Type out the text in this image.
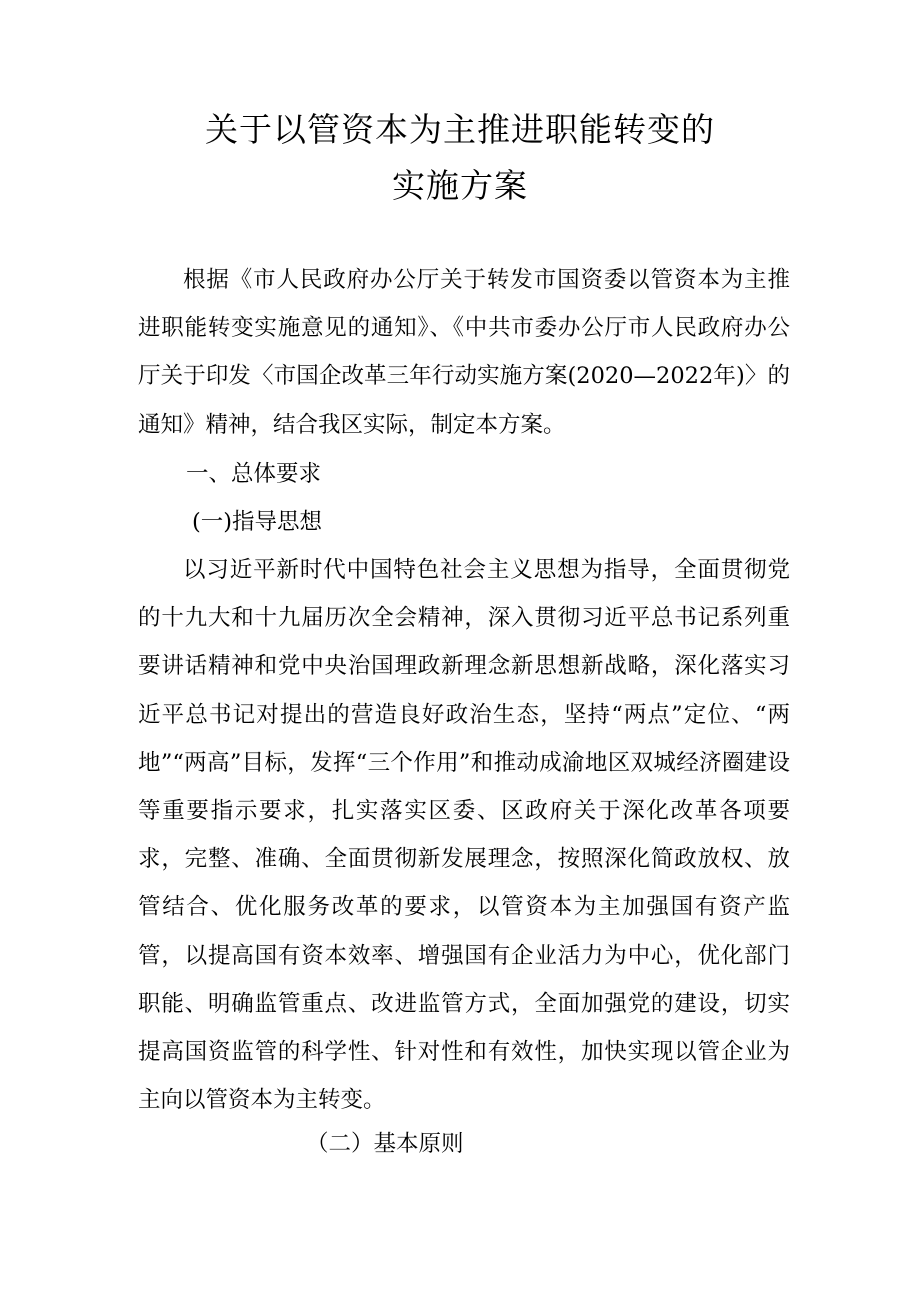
关于以管资本为主推进职能转变的
实施方案

根据《市人民政府办公厅关于转发市国资委以管资本为主推进职能转变实施意见的通知》、《中共市委办公厅市人民政府办公厅关于印发〈市国企改革三年行动实施方案(2020—2022年)〉的通知》精神，结合我区实际，制定本方案。

一、总体要求
(一)指导思想

以习近平新时代中国特色社会主义思想为指导，全面贯彻党的十九大和十九届历次全会精神，深入贯彻习近平总书记系列重要讲话精神和党中央治国理政新理念新思想新战略，深化落实习近平总书记对提出的营造良好政治生态，坚持“两点”定位、“两地”“两高”目标，发挥“三个作用”和推动成渝地区双城经济圈建设等重要指示要求，扎实落实区委、区政府关于深化改革各项要求，完整、准确、全面贯彻新发展理念，按照深化简政放权、放管结合、优化服务改革的要求，以管资本为主加强国有资产监管，以提高国有资本效率、增强国有企业活力为中心，优化部门职能、明确监管重点、改进监管方式，全面加强党的建设，切实提高国资监管的科学性、针对性和有效性，加快实现以管企业为主向以管资本为主转变。

（二）基本原则
